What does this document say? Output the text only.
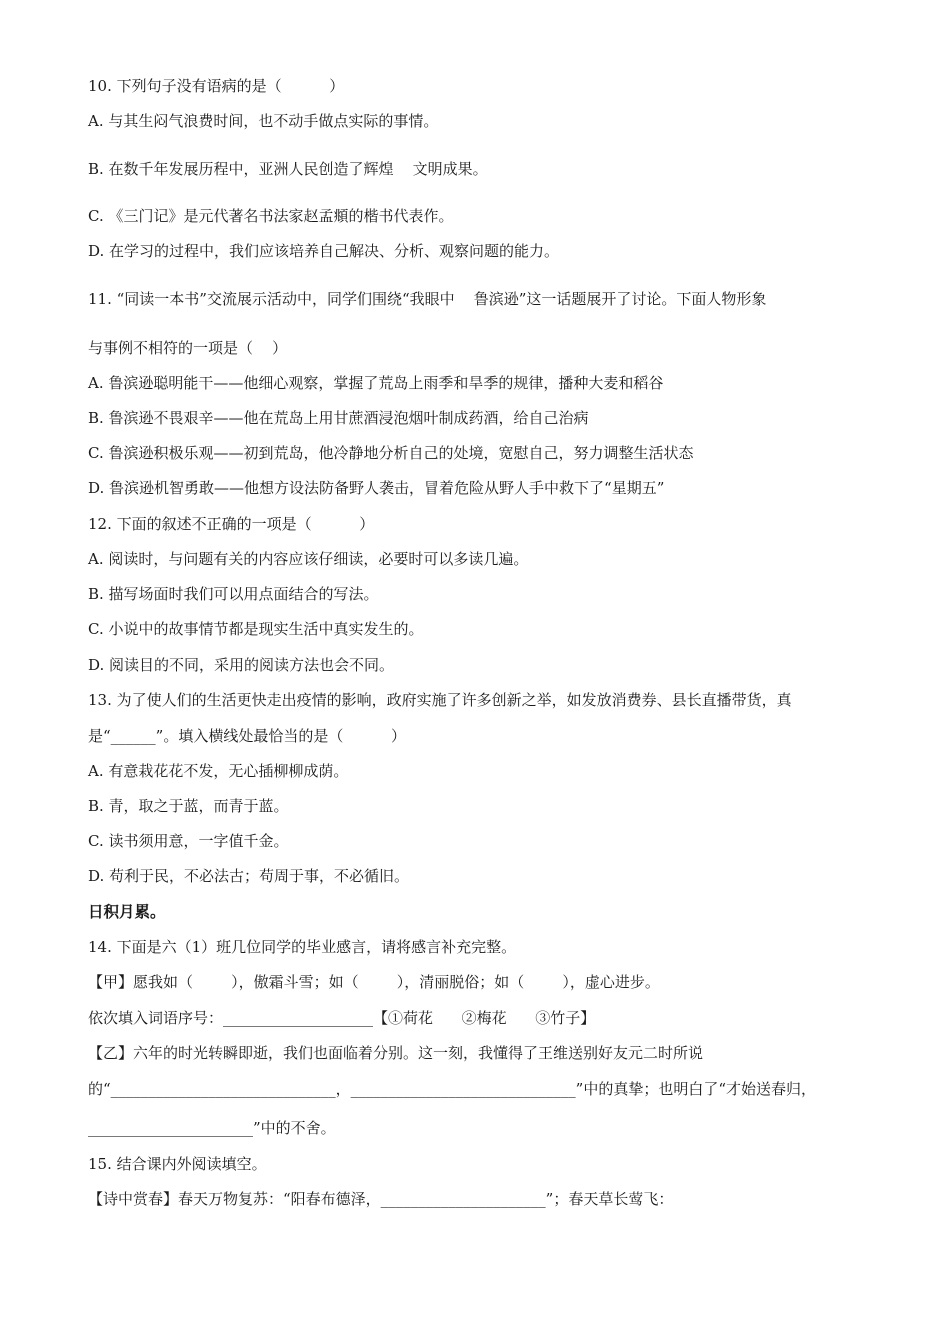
10. 下列句子没有语病的是（          ）
A. 与其生闷气浪费时间，也不动手做点实际的事情。
B. 在数千年发展历程中，亚洲人民创造了辉煌    文明成果。
C. 《三门记》是元代著名书法家赵孟頫的楷书代表作。
D. 在学习的过程中，我们应该培养自己解决、分析、观察问题的能力。
11. “同读一本书”交流展示活动中，同学们围绕“我眼中    鲁滨逊”这一话题展开了讨论。下面人物形象
与事例不相符的一项是（    ）
A. 鲁滨逊聪明能干——他细心观察，掌握了荒岛上雨季和旱季的规律，播种大麦和稻谷
B. 鲁滨逊不畏艰辛——他在荒岛上用甘蔗酒浸泡烟叶制成药酒，给自己治病
C. 鲁滨逊积极乐观——初到荒岛，他冷静地分析自己的处境，宽慰自己，努力调整生活状态
D. 鲁滨逊机智勇敢——他想方设法防备野人袭击，冒着危险从野人手中救下了“星期五”
12. 下面的叙述不正确的一项是（          ）
A. 阅读时，与问题有关的内容应该仔细读，必要时可以多读几遍。
B. 描写场面时我们可以用点面结合的写法。
C. 小说中的故事情节都是现实生活中真实发生的。
D. 阅读目的不同，采用的阅读方法也会不同。
13. 为了使人们的生活更快走出疫情的影响，政府实施了许多创新之举，如发放消费券、县长直播带货，真
是“______”。填入横线处最恰当的是（          ）
A. 有意栽花花不发，无心插柳柳成荫。
B. 青，取之于蓝，而青于蓝。
C. 读书须用意，一字值千金。
D. 苟利于民，不必法古；苟周于事，不必循旧。
日积月累。
14. 下面是六（1）班几位同学的毕业感言，请将感言补充完整。
【甲】愿我如（        ），傲霜斗雪；如（        ），清丽脱俗；如（        ），虚心进步。
依次填入词语序号：____________________【①荷花      ②梅花      ③竹子】
【乙】六年的时光转瞬即逝，我们也面临着分别。这一刻，我懂得了王维送别好友元二时所说
的“______________________________，______________________________”中的真挚；也明白了“才始送春归，
______________________”中的不舍。
15. 结合课内外阅读填空。
【诗中赏春】春天万物复苏：“阳春布德泽，______________________”；春天草长莺飞：
